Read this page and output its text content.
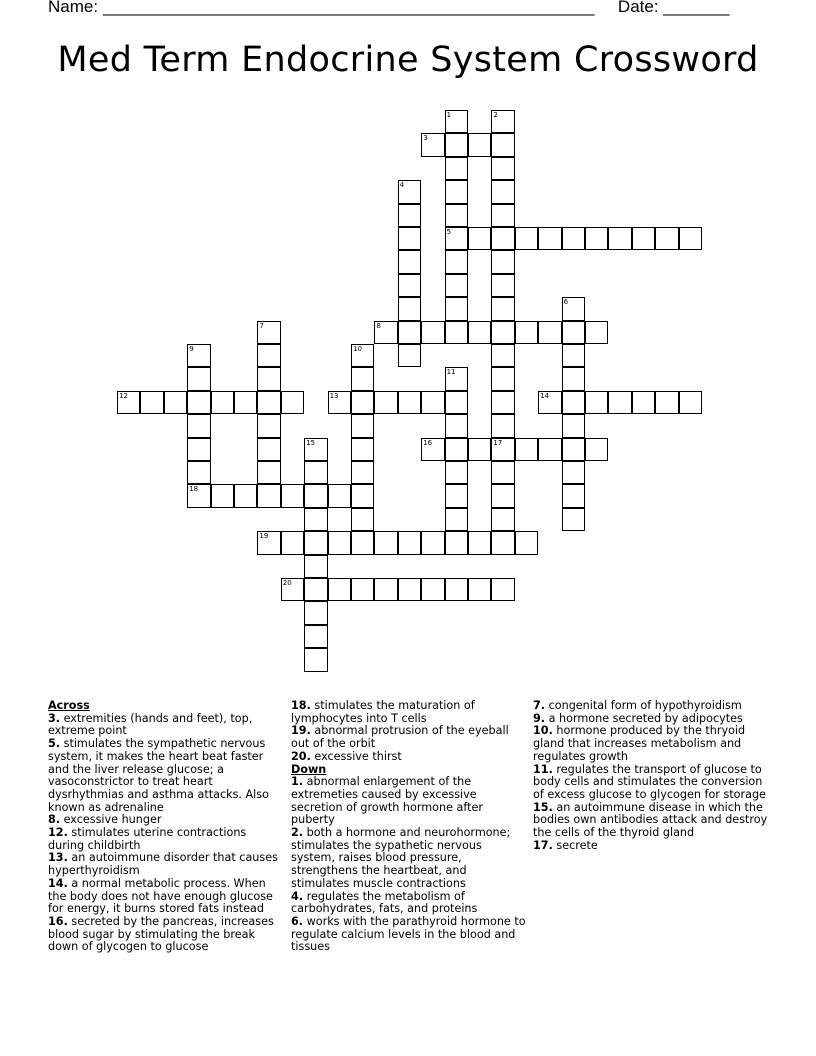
Name: ____________________________________________________ Date: _______
Med Term Endocrine System Crossword
1
5
2
3
4
6
7	8
9	10
11
12	13	14
15	16	17
18
19
20
Across
3. extremities (hands and feet), top, extreme point
5. stimulates the sympathetic nervous system, it makes the heart beat faster and the liver release glucose; a vasoconstrictor to treat heart dysrhythmias and asthma attacks. Also known as adrenaline
8. excessive hunger
12. stimulates uterine contractions during childbirth
13. an autoimmune disorder that causes hyperthyroidism
14. a normal metabolic process. When the body does not have enough glucose for energy, it burns stored fats instead
16. secreted by the pancreas, increases blood sugar by stimulating the break down of glycogen to glucose
18. stimulates the maturation of lymphocytes into T cells
19. abnormal protrusion of the eyeball out of the orbit
20. excessive thirst
Down
1. abnormal enlargement of the extremeties caused by excessive secretion of growth hormone after puberty
2. both a hormone and neurohormone; stimulates the sypathetic nervous system, raises blood pressure, strengthens the heartbeat, and stimulates muscle contractions
4. regulates the metabolism of carbohydrates, fats, and proteins
6. works with the parathyroid hormone to regulate calcium levels in the blood and tissues
7. congenital form of hypothyroidism
9. a hormone secreted by adipocytes
10. hormone produced by the thryoid gland that increases metabolism and regulates growth
11. regulates the transport of glucose to body cells and stimulates the conversion of excess glucose to glycogen for storage
15. an autoimmune disease in which the bodies own antibodies attack and destroy the cells of the thyroid gland
17. secrete
